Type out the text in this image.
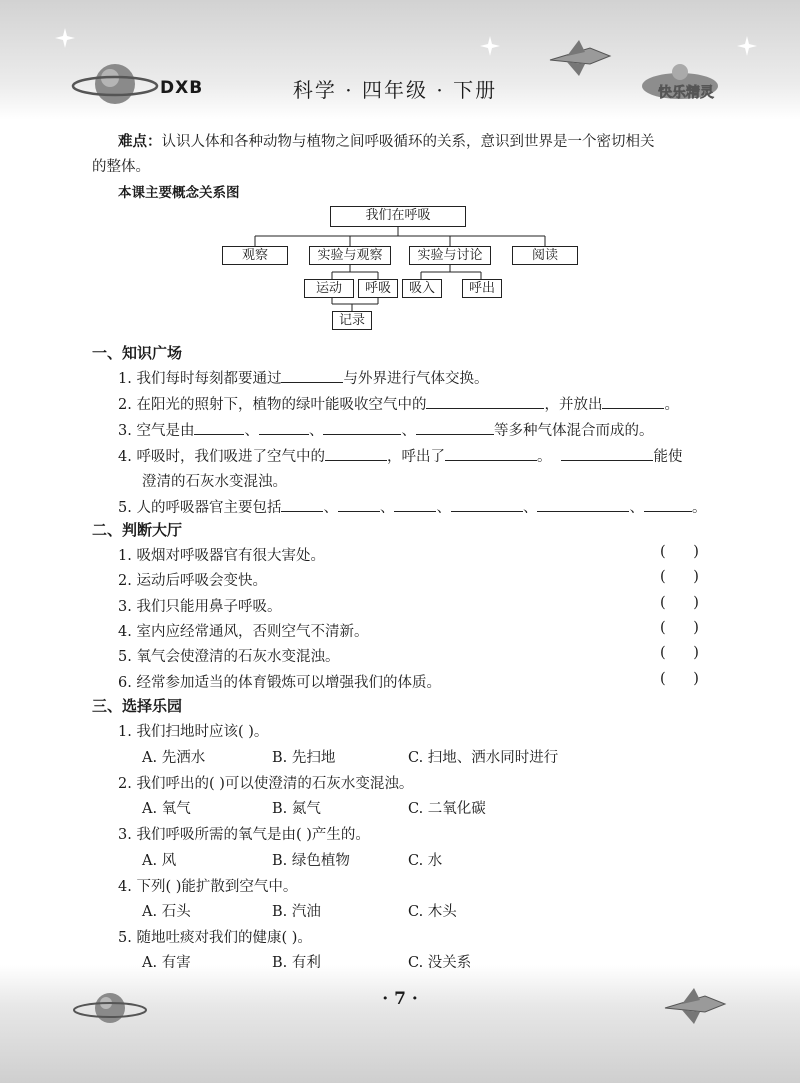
DXB	科学 · 四年级 · 下册	快乐精灵
难点：认识人体和各种动物与植物之间呼吸循环的关系，意识到世界是一个密切相关
的整体。
本课主要概念关系图
我们在呼吸
观察	实验与观察	实验与讨论	阅读
运动	呼吸	吸入	呼出
记录
一、知识广场
1. 我们每时每刻都要通过	与外界进行气体交换。
2. 在阳光的照射下，植物的绿叶能吸收空气中的	，并放出	。
3. 空气是由	、	、	、	等多种气体混合而成的。
4. 呼吸时，我们吸进了空气中的	，呼出了	。	能使
澄清的石灰水变混浊。
5. 人的呼吸器官主要包括	、	、	、	、	、	。
二、判断大厅
1. 吸烟对呼吸器官有很大害处。	(      )
2. 运动后呼吸会变快。	(      )
3. 我们只能用鼻子呼吸。	(      )
4. 室内应经常通风，否则空气不清新。	(      )
5. 氧气会使澄清的石灰水变混浊。	(      )
6. 经常参加适当的体育锻炼可以增强我们的体质。	(      )
三、选择乐园
1. 我们扫地时应该( )。
A. 先洒水	B. 先扫地	C. 扫地、洒水同时进行
2. 我们呼出的( )可以使澄清的石灰水变混浊。
A. 氧气	B. 氮气	C. 二氧化碳
3. 我们呼吸所需的氧气是由( )产生的。
A. 风	B. 绿色植物	C. 水
4. 下列( )能扩散到空气中。
A. 石头	B. 汽油	C. 木头
5. 随地吐痰对我们的健康( )。
A. 有害	B. 有利	C. 没关系
· 7 ·
